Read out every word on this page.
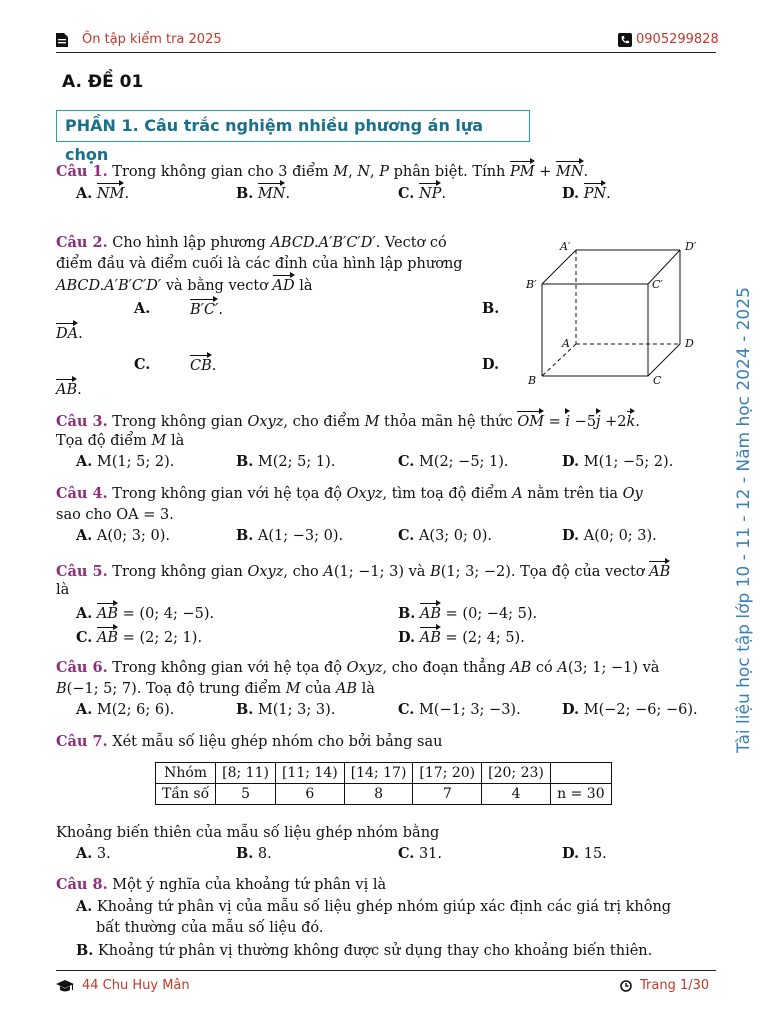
Ôn tập kiểm tra 2025	0905299828
A. ĐỀ 01
PHẦN 1. Câu trắc nghiệm nhiều phương án lựa chọn
Câu 1. Trong không gian cho 3 điểm M, N, P phân biệt. Tính PM + MN.
A. NM.	B. MN.	C. NP.	D. PN.
Câu 2. Cho hình lập phương ABCD.A′B′C′D′. Vectơ có
điểm đầu và điểm cuối là các đỉnh của hình lập phương
ABCD.A′B′C′D′ và bằng vectơ AD là
A.	B′C′.	B.
DA.
C.	CB.	D.
AB.
A′	D′
B′	C′
A	D
B	C
Câu 3. Trong không gian Oxyz, cho điểm M thỏa mãn hệ thức OM = i −5j +2k.
Tọa độ điểm M là
A. M(1; 5; 2).	B. M(2; 5; 1).	C. M(2; −5; 1).	D. M(1; −5; 2).
Câu 4. Trong không gian với hệ tọa độ Oxyz, tìm toạ độ điểm A nằm trên tia Oy
sao cho OA = 3.
A. A(0; 3; 0).	B. A(1; −3; 0).	C. A(3; 0; 0).	D. A(0; 0; 3).
Câu 5. Trong không gian Oxyz, cho A(1; −1; 3) và B(1; 3; −2). Tọa độ của vectơ AB
là
A. AB = (0; 4; −5).	B. AB = (0; −4; 5).
C. AB = (2; 2; 1).	D. AB = (2; 4; 5).
Câu 6. Trong không gian với hệ tọa độ Oxyz, cho đoạn thẳng AB có A(3; 1; −1) và
B(−1; 5; 7). Toạ độ trung điểm M của AB là
A. M(2; 6; 6).	B. M(1; 3; 3).	C. M(−1; 3; −3).	D. M(−2; −6; −6).
Câu 7. Xét mẫu số liệu ghép nhóm cho bởi bảng sau
Nhóm	[8; 11)	[11; 14)	[14; 17)	[17; 20)	[20; 23)	
Tần số	5	6	8	7	4	n = 30
Khoảng biến thiên của mẫu số liệu ghép nhóm bằng
A. 3.	B. 8.	C. 31.	D. 15.
Câu 8. Một ý nghĩa của khoảng tứ phân vị là
A. Khoảng tứ phân vị của mẫu số liệu ghép nhóm giúp xác định các giá trị không
bất thường của mẫu số liệu đó.
B. Khoảng tứ phân vị thường không được sử dụng thay cho khoảng biến thiên.
Tài liệu học tập lớp 10 - 11 - 12 - Năm học 2024 - 2025
44 Chu Huy Mân	Trang 1/30
